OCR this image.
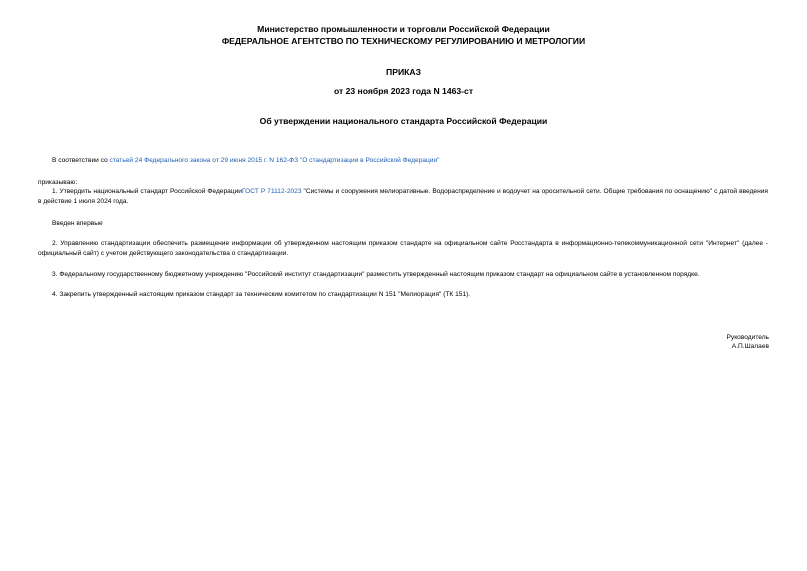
Министерство промышленности и торговли Российской Федерации
ФЕДЕРАЛЬНОЕ АГЕНТСТВО ПО ТЕХНИЧЕСКОМУ РЕГУЛИРОВАНИЮ И МЕТРОЛОГИИ
ПРИКАЗ
от 23 ноября 2023 года N 1463-ст
Об утверждении национального стандарта Российской Федерации
В соответствии со статьей 24 Федерального закона от 29 июня 2015 г. N 162-ФЗ "О стандартизации в Российской Федерации"
приказываю:
1. Утвердить национальный стандарт Российской ФедерацииГОСТ Р 71112-2023 "Системы и сооружения мелиоративные. Водораспределение и водоучет на оросительной сети. Общие требования по оснащению" с датой введения в действие 1 июля 2024 года.
Введен впервые
2. Управлению стандартизации обеспечить размещение информации об утвержденном настоящим приказом стандарте на официальном сайте Росстандарта в информационно-телекоммуникационной сети "Интернет" (далее - официальный сайт) с учетом действующего законодательства о стандартизации.
3. Федеральному государственному бюджетному учреждению "Российский институт стандартизации" разместить утвержденный настоящим приказом стандарт на официальном сайте в установленном порядке.
4. Закрепить утвержденный настоящим приказом стандарт за техническим комитетом по стандартизации N 151 "Мелиорация" (ТК 151).
Руководитель
А.П.Шалаев
